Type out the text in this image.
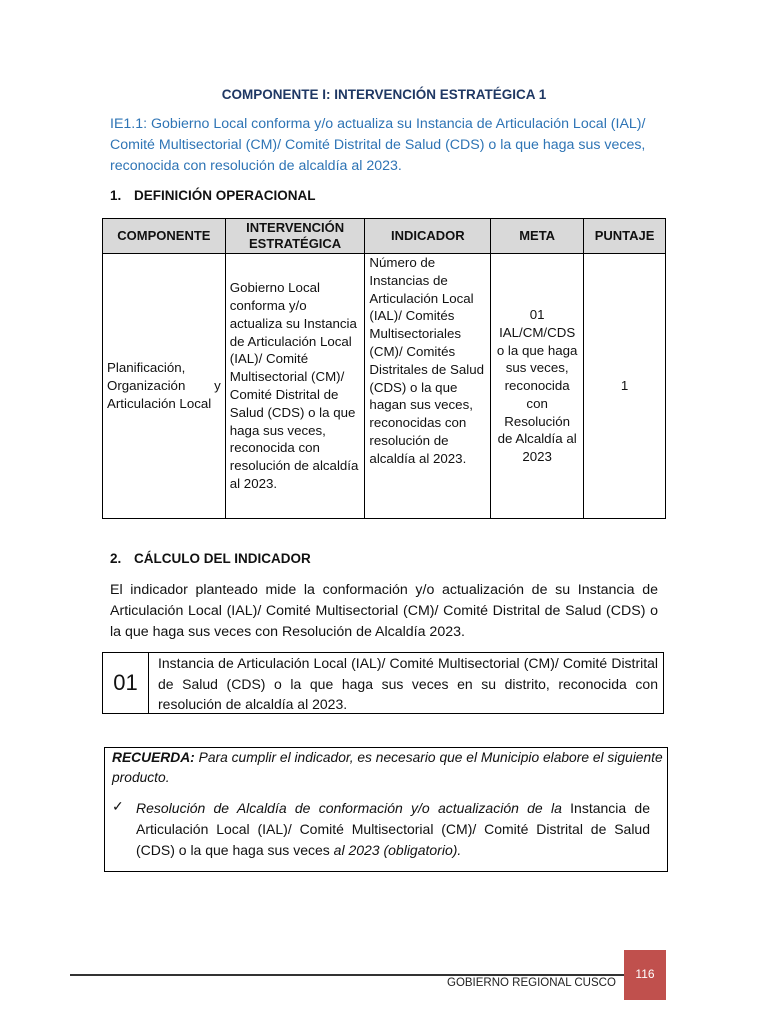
COMPONENTE I: INTERVENCIÓN ESTRATÉGICA 1
IE1.1: Gobierno Local conforma y/o actualiza su Instancia de Articulación Local (IAL)/ Comité Multisectorial (CM)/ Comité Distrital de Salud (CDS) o la que haga sus veces, reconocida con resolución de alcaldía al 2023.
1. DEFINICIÓN OPERACIONAL
COMPONENTE	INTERVENCIÓN ESTRATÉGICA	INDICADOR	META	PUNTAJE
Planificación, Organización y Articulación Local	Gobierno Local conforma y/o actualiza su Instancia de Articulación Local (IAL)/ Comité Multisectorial (CM)/ Comité Distrital de Salud (CDS) o la que haga sus veces, reconocida con resolución de alcaldía al 2023.	Número de Instancias de Articulación Local (IAL)/ Comités Multisectoriales (CM)/ Comités Distritales de Salud (CDS) o la que hagan sus veces, reconocidas con resolución de alcaldía al 2023.	01 IAL/CM/CDS o la que haga sus veces, reconocida con Resolución de Alcaldía al 2023	1
2. CÁLCULO DEL INDICADOR
El indicador planteado mide la conformación y/o actualización de su Instancia de Articulación Local (IAL)/ Comité Multisectorial (CM)/ Comité Distrital de Salud (CDS) o la que haga sus veces con Resolución de Alcaldía 2023.
01
Instancia de Articulación Local (IAL)/ Comité Multisectorial (CM)/ Comité Distrital de Salud (CDS) o la que haga sus veces en su distrito, reconocida con resolución de alcaldía al 2023.
RECUERDA: Para cumplir el indicador, es necesario que el Municipio elabore el siguiente producto.
✓ Resolución de Alcaldía de conformación y/o actualización de la Instancia de Articulación Local (IAL)/ Comité Multisectorial (CM)/ Comité Distrital de Salud (CDS) o la que haga sus veces al 2023 (obligatorio).
GOBIERNO REGIONAL CUSCO
116
